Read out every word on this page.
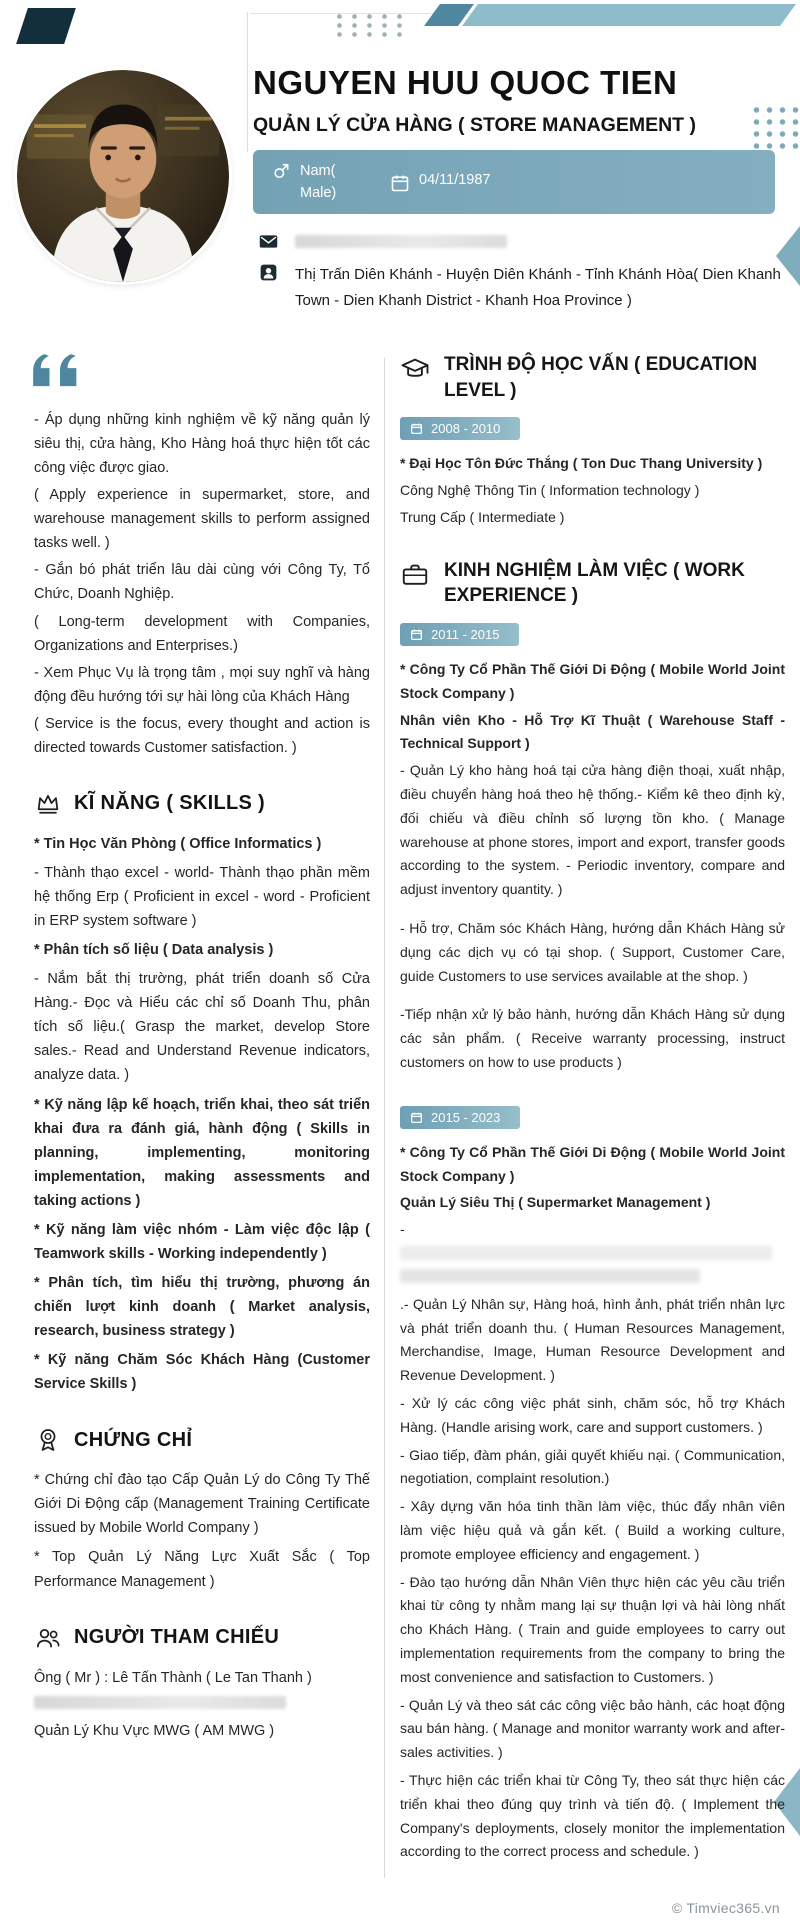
NGUYEN HUU QUOC TIEN
QUẢN LÝ CỬA HÀNG ( STORE MANAGEMENT )
Nam(Male)
04/11/1987
Thị Trấn Diên Khánh - Huyện Diên Khánh - Tỉnh Khánh Hòa( Dien Khanh Town - Dien Khanh District - Khanh Hoa Province )

- Áp dụng những kinh nghiệm về kỹ năng quản lý siêu thị, cửa hàng, Kho Hàng hoá thực hiện tốt các công việc được giao.

( Apply experience in supermarket, store, and warehouse management skills to perform assigned tasks well. )

- Gắn bó phát triển lâu dài cùng với Công Ty, Tổ Chức, Doanh Nghiệp.

( Long-term development with Companies, Organizations and Enterprises.)

- Xem Phục Vụ là trọng tâm , mọi suy nghĩ và hàng động đều hướng tới sự hài lòng của Khách Hàng

( Service is the focus, every thought and action is directed towards Customer satisfaction. )

KĨ NĂNG ( SKILLS )
* Tin Học Văn Phòng ( Office Informatics )
- Thành thạo excel - world- Thành thạo phần mềm hệ thống Erp ( Proficient in excel - word - Proficient in ERP system software )
* Phân tích số liệu ( Data analysis )
- Nắm bắt thị trường, phát triển doanh số Cửa Hàng.- Đọc và Hiểu các chỉ số Doanh Thu, phân tích số liệu.( Grasp the market, develop Store sales.- Read and Understand Revenue indicators, analyze data. )
* Kỹ năng lập kế hoạch, triển khai, theo sát triển khai đưa ra đánh giá, hành động ( Skills in planning, implementing, monitoring implementation, making assessments and taking actions )
* Kỹ năng làm việc nhóm - Làm việc độc lập ( Teamwork skills - Working independently )
* Phân tích, tìm hiểu thị trường, phương án chiến lượt kinh doanh ( Market analysis, research, business strategy )
* Kỹ năng Chăm Sóc Khách Hàng (Customer Service Skills )
CHỨNG CHỈ
* Chứng chỉ đào tạo Cấp Quản Lý do Công Ty Thế Giới Di Động cấp (Management Training Certificate issued by Mobile World Company )
* Top Quản Lý Năng Lực Xuất Sắc ( Top Performance Management )
NGƯỜI THAM CHIẾU

Ông ( Mr ) : Lê Tấn Thành ( Le Tan Thanh )

Quản Lý Khu Vực MWG ( AM MWG )

TRÌNH ĐỘ HỌC VẤN ( EDUCATION LEVEL )
2008 - 2010

* Đại Học Tôn Đức Thắng ( Ton Duc Thang University )

Công Nghệ Thông Tin ( Information technology )

Trung Cấp ( Intermediate )

KINH NGHIỆM LÀM VIỆC ( WORK EXPERIENCE )
2011 - 2015

* Công Ty Cổ Phần Thế Giới Di Động ( Mobile World Joint Stock Company )

Nhân viên Kho - Hỗ Trợ Kĩ Thuật ( Warehouse Staff - Technical Support )

- Quản Lý kho hàng hoá tại cửa hàng điện thoại, xuất nhập, điều chuyển hàng hoá theo hệ thống.- Kiểm kê theo định kỳ, đối chiếu và điều chỉnh số lượng tồn kho. ( Manage warehouse at phone stores, import and export, transfer goods according to the system. - Periodic inventory, compare and adjust inventory quantity. )

- Hỗ trợ, Chăm sóc Khách Hàng, hướng dẫn Khách Hàng sử dụng các dịch vụ có tại shop. ( Support, Customer Care, guide Customers to use services available at the shop. )

-Tiếp nhận xử lý bảo hành, hướng dẫn Khách Hàng sử dụng các sản phẩm. ( Receive warranty processing, instruct customers on how to use products )

2015 - 2023

* Công Ty Cổ Phần Thế Giới Di Động ( Mobile World Joint Stock Company )

Quản Lý Siêu Thị ( Supermarket Management )

-

.- Quản Lý Nhân sự, Hàng hoá, hình ảnh, phát triển nhân lực và phát triển doanh thu. ( Human Resources Management, Merchandise, Image, Human Resource Development and Revenue Development. )

- Xử lý các công việc phát sinh, chăm sóc, hỗ trợ Khách Hàng. (Handle arising work, care and support customers. )

- Giao tiếp, đàm phán, giải quyết khiếu nại. ( Communication, negotiation, complaint resolution.)

- Xây dựng văn hóa tinh thần làm việc, thúc đẩy nhân viên làm việc hiệu quả và gắn kết. ( Build a working culture, promote employee efficiency and engagement. )

- Đào tạo hướng dẫn Nhân Viên thực hiện các yêu cầu triển khai từ công ty nhằm mang lại sự thuận lợi và hài lòng nhất cho Khách Hàng. ( Train and guide employees to carry out implementation requirements from the company to bring the most convenience and satisfaction to Customers. )

- Quản Lý và theo sát các công việc bảo hành, các hoạt động sau bán hàng. ( Manage and monitor warranty work and after-sales activities. )

- Thực hiện các triển khai từ Công Ty, theo sát thực hiện các triển khai theo đúng quy trình và tiến độ. ( Implement the Company's deployments, closely monitor the implementation according to the correct process and schedule. )

© Timviec365.vn
